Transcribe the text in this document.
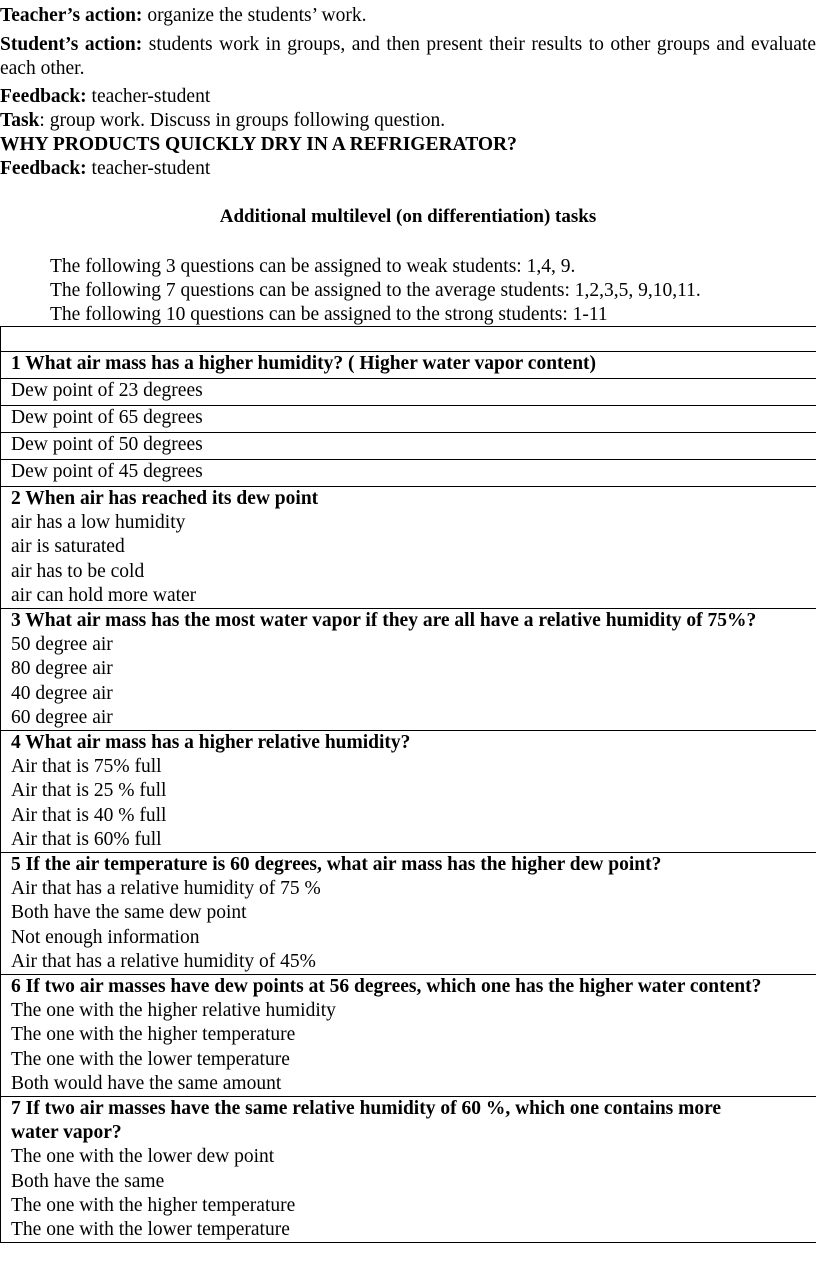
Teacher’s action: organize the students’ work.
Student’s action: students work in groups, and then present their results to other groups and evaluate each other.
Feedback: teacher-student
Task: group work. Discuss in groups following question.
WHY PRODUCTS QUICKLY DRY IN A REFRIGERATOR?
Feedback: teacher-student
Additional multilevel (on differentiation) tasks
The following 3 questions can be assigned to weak students: 1,4, 9.
The following 7 questions can be assigned to the average students: 1,2,3,5, 9,10,11.
The following 10 questions can be assigned to the strong students: 1-11

1 What air mass has a higher humidity? ( Higher water vapor content)
Dew point of 23 degrees
Dew point of 65 degrees
Dew point of 50 degrees
Dew point of 45 degrees

2 When air has reached its dew point
air has a low humidity
air is saturated
air has to be cold
air can hold more water

3 What air mass has the most water vapor if they are all have a relative humidity of 75%?
50 degree air
80 degree air
40 degree air
60 degree air

4 What air mass has a higher relative humidity?
Air that is 75% full
Air that is 25 % full
Air that is 40 % full
Air that is 60% full

5 If the air temperature is 60 degrees, what air mass has the higher dew point?
Air that has a relative humidity of 75 %
Both have the same dew point
Not enough information
Air that has a relative humidity of 45%

6 If two air masses have dew points at 56 degrees, which one has the higher water content?
The one with the higher relative humidity
The one with the higher temperature
The one with the lower temperature
Both would have the same amount

7 If two air masses have the same relative humidity of 60 %, which one contains more
water vapor?
The one with the lower dew point
Both have the same
The one with the higher temperature
The one with the lower temperature
